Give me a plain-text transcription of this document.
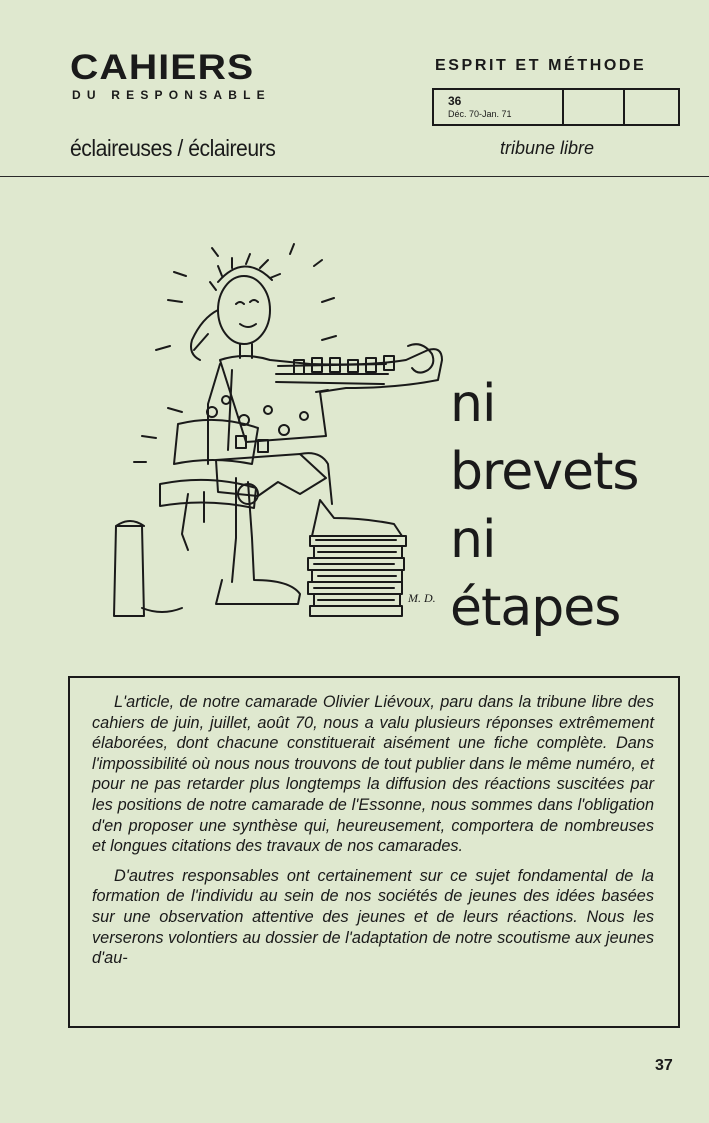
CAHIERS
DU RESPONSABLE
éclaireuses / éclaireurs
ESPRIT ET MÉTHODE
36
Déc. 70-Jan. 71
tribune libre
M. D.
ni
brevets
ni
étapes

L'article, de notre camarade Olivier Liévoux, paru dans la tribune libre des cahiers de juin, juillet, août 70, nous a valu plusieurs réponses extrêmement élaborées, dont chacune constituerait aisément une fiche complète. Dans l'impossibilité où nous nous trouvons de tout publier dans le même numéro, et pour ne pas retarder plus longtemps la diffusion des réactions suscitées par les positions de notre camarade de l'Essonne, nous sommes dans l'obligation d'en proposer une synthèse qui, heureusement, comportera de nombreuses et longues citations des travaux de nos camarades.

D'autres responsables ont certainement sur ce sujet fondamental de la formation de l'individu au sein de nos sociétés de jeunes des idées basées sur une observation attentive des jeunes et de leurs réactions. Nous les verserons volontiers au dossier de l'adaptation de notre scoutisme aux jeunes d'au-

37
